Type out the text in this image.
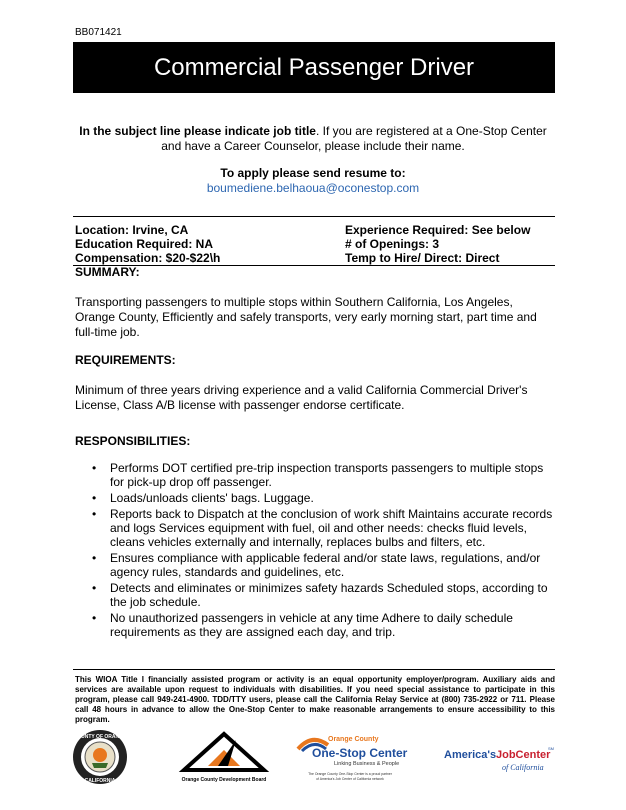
BB071421
Commercial Passenger Driver
In the subject line please indicate job title. If you are registered at a One-Stop Center and have a Career Counselor, please include their name.
To apply please send resume to:
boumediene.belhaoua@oconestop.com
Location: Irvine, CA	Experience Required: See below
Education Required: NA	# of Openings: 3
Compensation: $20-$22\h	Temp to Hire/ Direct: Direct
SUMMARY:
Transporting passengers to multiple stops within Southern California, Los Angeles, Orange County, Efficiently and safely transports, very early morning start, part time and full-time job.
REQUIREMENTS:
Minimum of three years driving experience and a valid California Commercial Driver's License, Class A/B license with passenger endorse certificate.
RESPONSIBILITIES:
• Performs DOT certified pre-trip inspection transports passengers to multiple stops for pick-up drop off passenger.
• Loads/unloads clients' bags. Luggage.
• Reports back to Dispatch at the conclusion of work shift Maintains accurate records and logs Services equipment with fuel, oil and other needs: checks fluid levels, cleans vehicles externally and internally, replaces bulbs and filters, etc.
• Ensures compliance with applicable federal and/or state laws, regulations, and/or agency rules, standards and guidelines, etc.
• Detects and eliminates or minimizes safety hazards Scheduled stops, according to the job schedule.
• No unauthorized passengers in vehicle at any time Adhere to daily schedule requirements as they are assigned each day, and trip.
This WIOA Title I financially assisted program or activity is an equal opportunity employer/program. Auxiliary aids and services are available upon request to individuals with disabilities. If you need special assistance to participate in this program, please call 949-241-4900. TDD/TTY users, please call the California Relay Service at (800) 735-2922 or 711. Please call 48 hours in advance to allow the One-Stop Center to make reasonable arrangements to ensure accessibility to this program.
COUNTY OF ORANGE
CALIFORNIA	Orange County Development Board
Orange County
One-Stop Center
Linking Business & People
The Orange County One-Stop Center is a proud partner
of America's Job Center of California network
America's JobCenter
SM
of California
